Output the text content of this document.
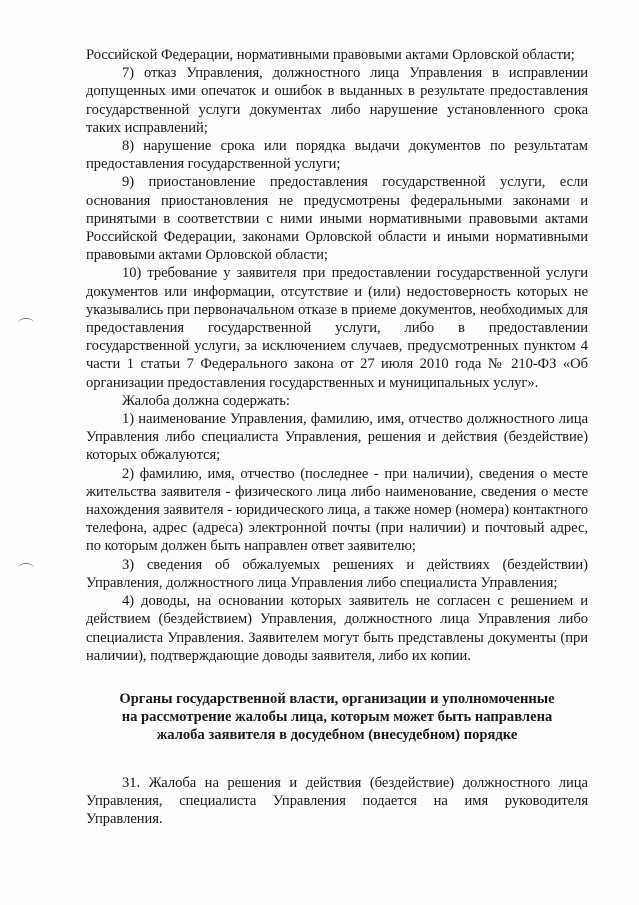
Российской Федерации, нормативными правовыми актами Орловской области;

7) отказ Управления, должностного лица Управления в исправлении допущенных ими опечаток и ошибок в выданных в результате предоставления государственной услуги документах либо нарушение установленного срока таких исправлений;

8) нарушение срока или порядка выдачи документов по результатам предоставления государственной услуги;

9) приостановление предоставления государственной услуги, если основания приостановления не предусмотрены федеральными законами и принятыми в соответствии с ними иными нормативными правовыми актами Российской Федерации, законами Орловской области и иными нормативными правовыми актами Орловской области;

10) требование у заявителя при предоставлении государственной услуги документов или информации, отсутствие и (или) недостоверность которых не указывались при первоначальном отказе в приеме документов, необходимых для предоставления государственной услуги, либо в предоставлении государственной услуги, за исключением случаев, предусмотренных пунктом 4 части 1 статьи 7 Федерального закона от 27 июля 2010 года № 210-ФЗ «Об организации предоставления государственных и муниципальных услуг».

Жалоба должна содержать:

1) наименование Управления, фамилию, имя, отчество должностного лица Управления либо специалиста Управления, решения и действия (бездействие) которых обжалуются;

2) фамилию, имя, отчество (последнее - при наличии), сведения о месте жительства заявителя - физического лица либо наименование, сведения о месте нахождения заявителя - юридического лица, а также номер (номера) контактного телефона, адрес (адреса) электронной почты (при наличии) и почтовый адрес, по которым должен быть направлен ответ заявителю;

3) сведения об обжалуемых решениях и действиях (бездействии) Управления, должностного лица Управления либо специалиста Управления;

4) доводы, на основании которых заявитель не согласен с решением и действием (бездействием) Управления, должностного лица Управления либо специалиста Управления. Заявителем могут быть представлены документы (при наличии), подтверждающие доводы заявителя, либо их копии.

Органы государственной власти, организации и уполномоченные
на рассмотрение жалобы лица, которым может быть направлена
жалоба заявителя в досудебном (внесудебном) порядке

31. Жалоба на решения и действия (бездействие) должностного лица Управления, специалиста Управления подается на имя руководителя Управления.
